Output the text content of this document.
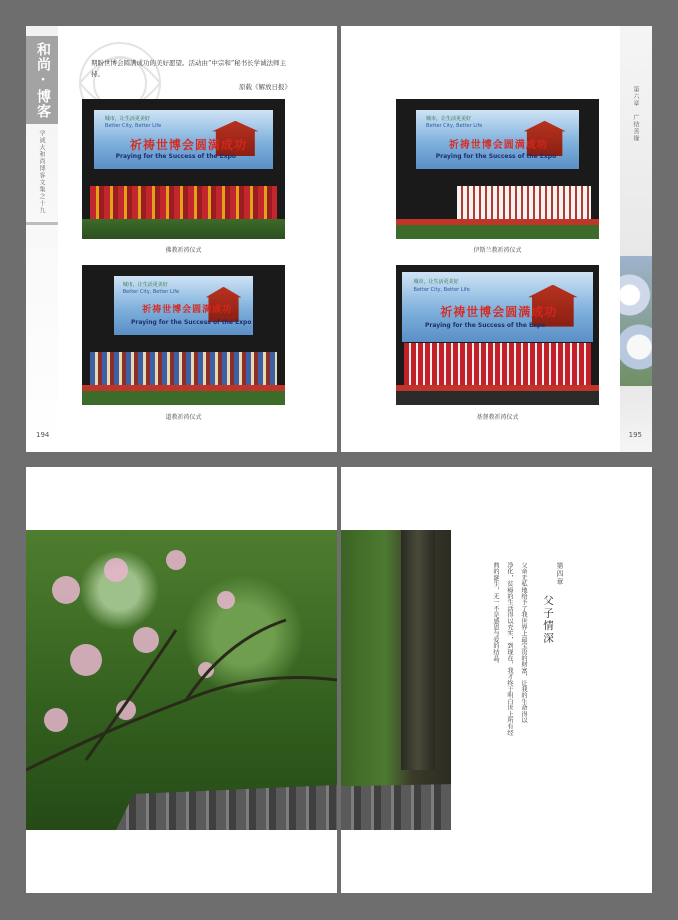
和尚·博客
学诚大和尚博客文集之十九
期盼世博会圆满成功的美好愿望。活动由“中宗和”秘书长学诚法师主持。
原载《解放日报》
城市，让生活更美好
Better City, Better Life
祈祷世博会圆满成功
Praying for the Success of the Expo
佛教祈祷仪式
城市，让生活更美好
Better City, Better Life
祈祷世博会圆满成功
Praying for the Success of the Expo
道教祈祷仪式
194
第六章　广结善缘
城市，让生活更美好
Better City, Better Life
祈祷世博会圆满成功
Praying for the Success of the Expo
伊斯兰教祈祷仪式
城市，让生活更美好
Better City, Better Life
祈祷世博会圆满成功
Praying for the Success of the Expo
基督教祈祷仪式
195
第四章
父子情深
父亲无私地给予了我世界上最宝贵的财富，让我的生命得以
净化，贫瘠的生活得以充实，到现在，我才终于明白世上所有经
典的诞生，无一不是感恩与爱的结晶。
